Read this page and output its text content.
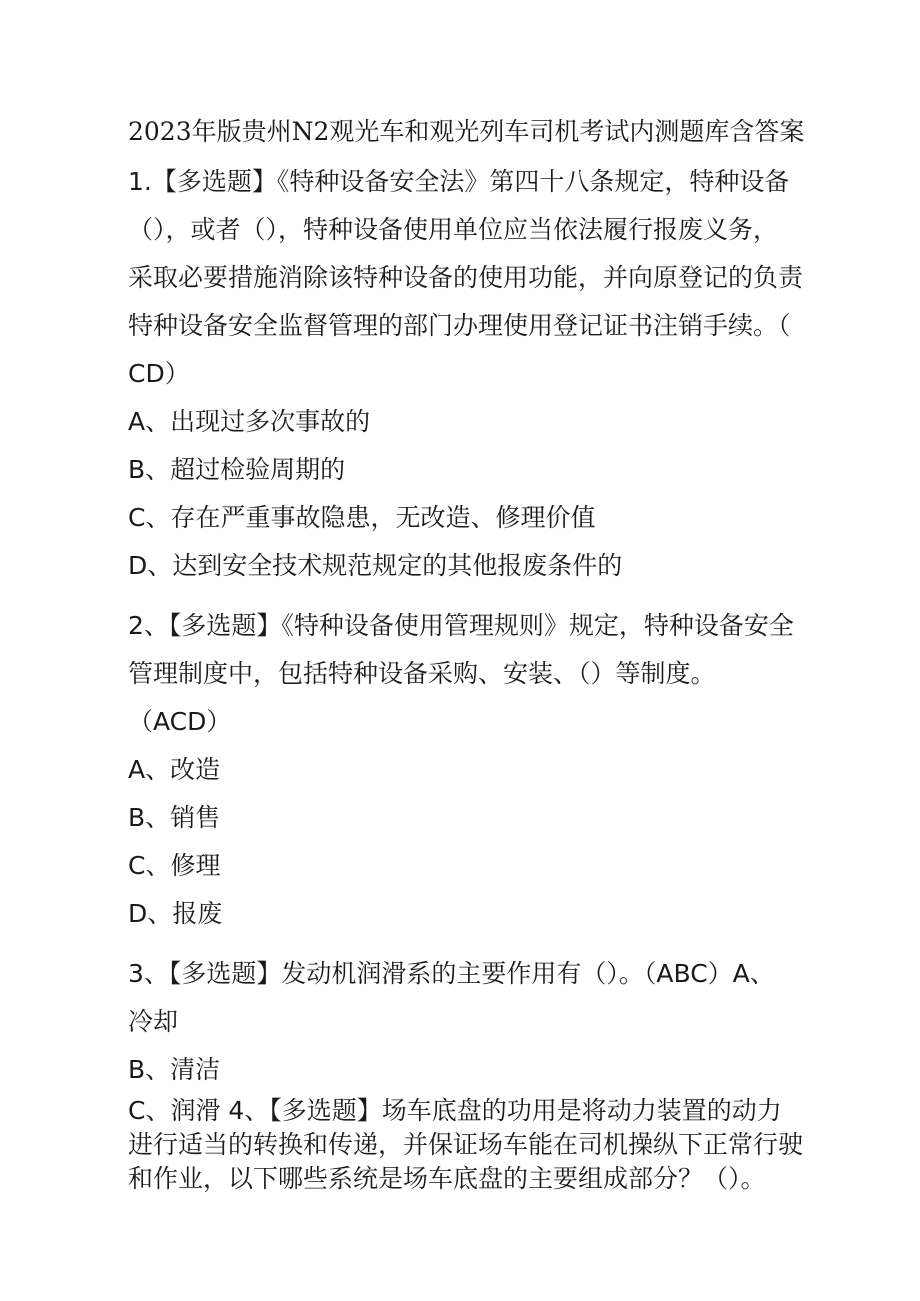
2023年版贵州N2观光车和观光列车司机考试内测题库含答案
1.【多选题】《特种设备安全法》第四十八条规定，特种设备
（），或者（），特种设备使用单位应当依法履行报废义务，
采取必要措施消除该特种设备的使用功能，并向原登记的负责
特种设备安全监督管理的部门办理使用登记证书注销手续。（
CD）
A、出现过多次事故的
B、超过检验周期的
C、存在严重事故隐患，无改造、修理价值
D、达到安全技术规范规定的其他报废条件的
2、【多选题】《特种设备使用管理规则》规定，特种设备安全
管理制度中，包括特种设备采购、安装、（）等制度。
（ACD）
A、改造
B、销售
C、修理
D、报废
3、【多选题】发动机润滑系的主要作用有（）。（ABC）A、
冷却
B、清洁
C、润滑 4、【多选题】场车底盘的功用是将动力装置的动力
进行适当的转换和传递，并保证场车能在司机操纵下正常行驶
和作业，以下哪些系统是场车底盘的主要组成部分？（）。
